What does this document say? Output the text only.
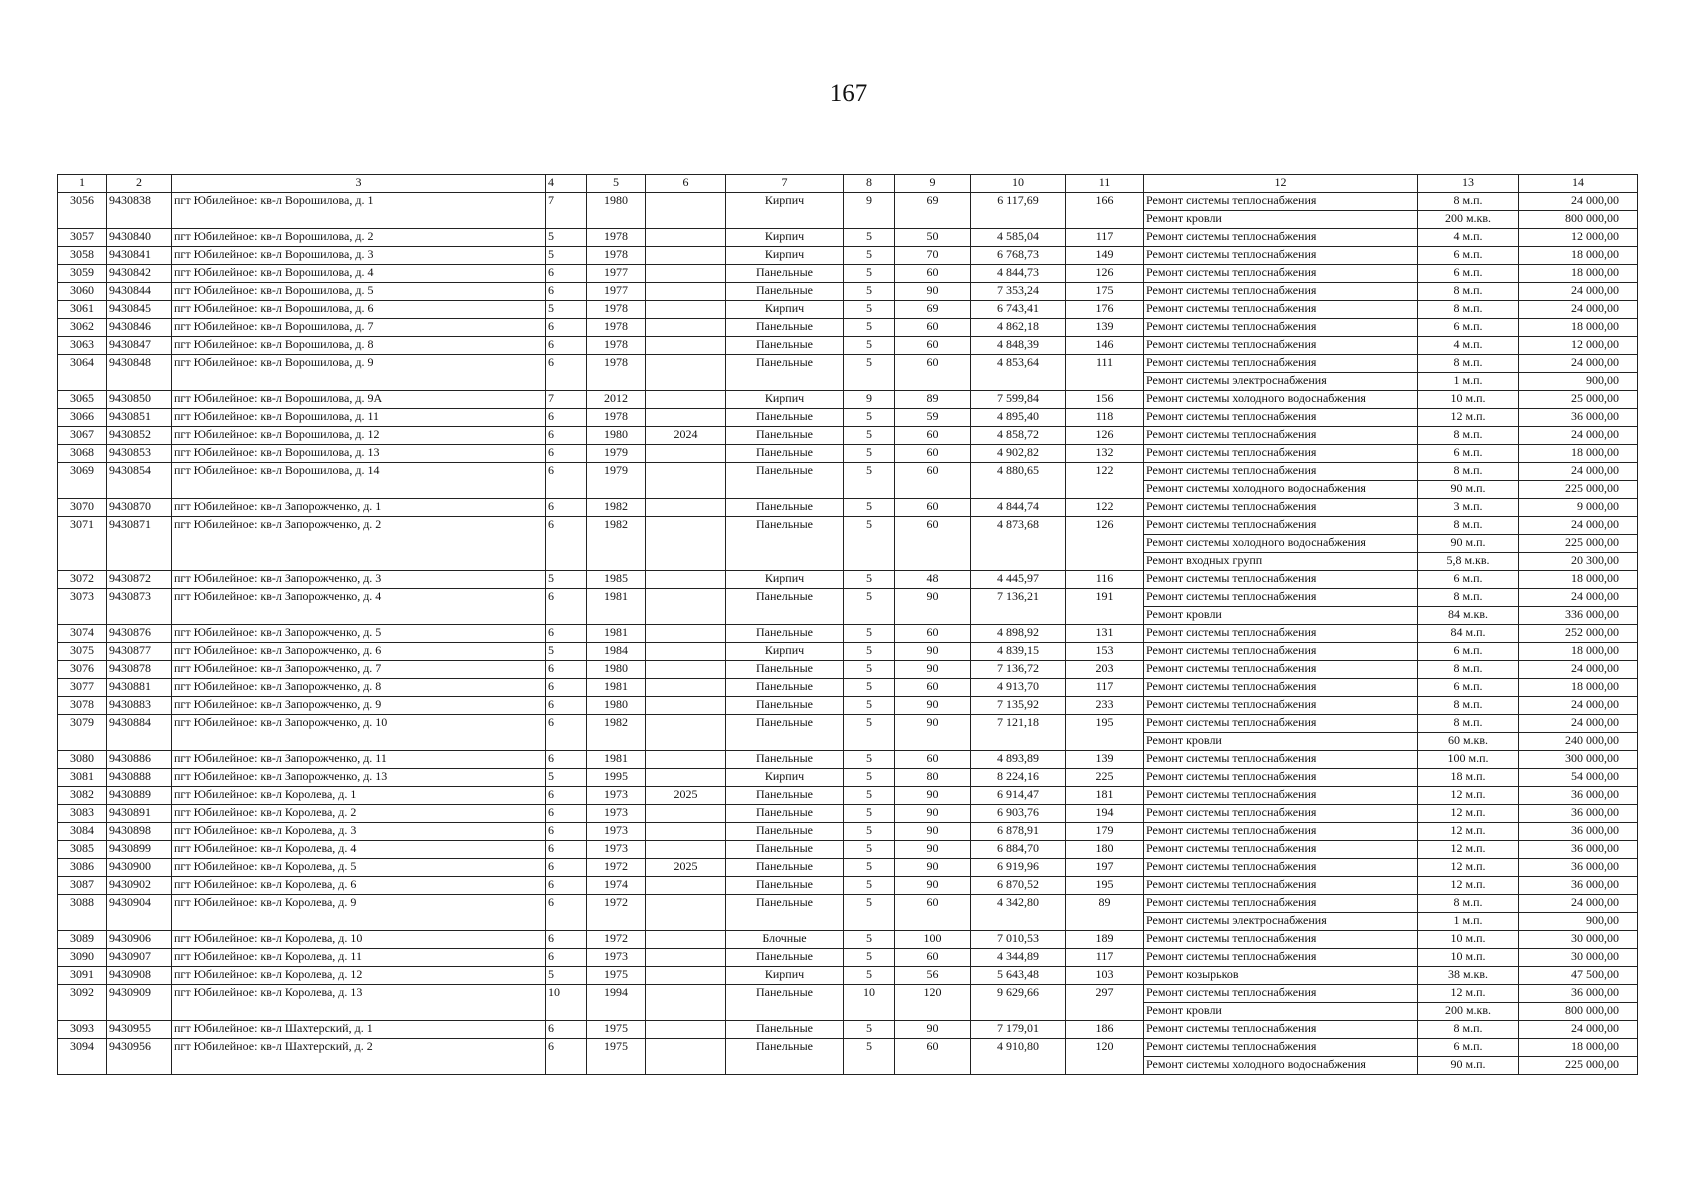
167
1	2	3	4	5	6	7	8	9	10	11	12	13	14
3056	9430838	пгт Юбилейное: кв-л Ворошилова, д. 1	7	1980		Кирпич	9	69	6 117,69	166	Ремонт системы теплоснабжения	8 м.п.	24 000,00
											Ремонт кровли	200 м.кв.	800 000,00
3057	9430840	пгт Юбилейное: кв-л Ворошилова, д. 2	5	1978		Кирпич	5	50	4 585,04	117	Ремонт системы теплоснабжения	4 м.п.	12 000,00
3058	9430841	пгт Юбилейное: кв-л Ворошилова, д. 3	5	1978		Кирпич	5	70	6 768,73	149	Ремонт системы теплоснабжения	6 м.п.	18 000,00
3059	9430842	пгт Юбилейное: кв-л Ворошилова, д. 4	6	1977		Панельные	5	60	4 844,73	126	Ремонт системы теплоснабжения	6 м.п.	18 000,00
3060	9430844	пгт Юбилейное: кв-л Ворошилова, д. 5	6	1977		Панельные	5	90	7 353,24	175	Ремонт системы теплоснабжения	8 м.п.	24 000,00
3061	9430845	пгт Юбилейное: кв-л Ворошилова, д. 6	5	1978		Кирпич	5	69	6 743,41	176	Ремонт системы теплоснабжения	8 м.п.	24 000,00
3062	9430846	пгт Юбилейное: кв-л Ворошилова, д. 7	6	1978		Панельные	5	60	4 862,18	139	Ремонт системы теплоснабжения	6 м.п.	18 000,00
3063	9430847	пгт Юбилейное: кв-л Ворошилова, д. 8	6	1978		Панельные	5	60	4 848,39	146	Ремонт системы теплоснабжения	4 м.п.	12 000,00
3064	9430848	пгт Юбилейное: кв-л Ворошилова, д. 9	6	1978		Панельные	5	60	4 853,64	111	Ремонт системы теплоснабжения	8 м.п.	24 000,00
											Ремонт системы электроснабжения	1 м.п.	900,00
3065	9430850	пгт Юбилейное: кв-л Ворошилова, д. 9А	7	2012		Кирпич	9	89	7 599,84	156	Ремонт системы холодного водоснабжения	10 м.п.	25 000,00
3066	9430851	пгт Юбилейное: кв-л Ворошилова, д. 11	6	1978		Панельные	5	59	4 895,40	118	Ремонт системы теплоснабжения	12 м.п.	36 000,00
3067	9430852	пгт Юбилейное: кв-л Ворошилова, д. 12	6	1980	2024	Панельные	5	60	4 858,72	126	Ремонт системы теплоснабжения	8 м.п.	24 000,00
3068	9430853	пгт Юбилейное: кв-л Ворошилова, д. 13	6	1979		Панельные	5	60	4 902,82	132	Ремонт системы теплоснабжения	6 м.п.	18 000,00
3069	9430854	пгт Юбилейное: кв-л Ворошилова, д. 14	6	1979		Панельные	5	60	4 880,65	122	Ремонт системы теплоснабжения	8 м.п.	24 000,00
											Ремонт системы холодного водоснабжения	90 м.п.	225 000,00
3070	9430870	пгт Юбилейное: кв-л Запорожченко, д. 1	6	1982		Панельные	5	60	4 844,74	122	Ремонт системы теплоснабжения	3 м.п.	9 000,00
3071	9430871	пгт Юбилейное: кв-л Запорожченко, д. 2	6	1982		Панельные	5	60	4 873,68	126	Ремонт системы теплоснабжения	8 м.п.	24 000,00
											Ремонт системы холодного водоснабжения	90 м.п.	225 000,00
											Ремонт входных групп	5,8 м.кв.	20 300,00
3072	9430872	пгт Юбилейное: кв-л Запорожченко, д. 3	5	1985		Кирпич	5	48	4 445,97	116	Ремонт системы теплоснабжения	6 м.п.	18 000,00
3073	9430873	пгт Юбилейное: кв-л Запорожченко, д. 4	6	1981		Панельные	5	90	7 136,21	191	Ремонт системы теплоснабжения	8 м.п.	24 000,00
											Ремонт кровли	84 м.кв.	336 000,00
3074	9430876	пгт Юбилейное: кв-л Запорожченко, д. 5	6	1981		Панельные	5	60	4 898,92	131	Ремонт системы теплоснабжения	84 м.п.	252 000,00
3075	9430877	пгт Юбилейное: кв-л Запорожченко, д. 6	5	1984		Кирпич	5	90	4 839,15	153	Ремонт системы теплоснабжения	6 м.п.	18 000,00
3076	9430878	пгт Юбилейное: кв-л Запорожченко, д. 7	6	1980		Панельные	5	90	7 136,72	203	Ремонт системы теплоснабжения	8 м.п.	24 000,00
3077	9430881	пгт Юбилейное: кв-л Запорожченко, д. 8	6	1981		Панельные	5	60	4 913,70	117	Ремонт системы теплоснабжения	6 м.п.	18 000,00
3078	9430883	пгт Юбилейное: кв-л Запорожченко, д. 9	6	1980		Панельные	5	90	7 135,92	233	Ремонт системы теплоснабжения	8 м.п.	24 000,00
3079	9430884	пгт Юбилейное: кв-л Запорожченко, д. 10	6	1982		Панельные	5	90	7 121,18	195	Ремонт системы теплоснабжения	8 м.п.	24 000,00
											Ремонт кровли	60 м.кв.	240 000,00
3080	9430886	пгт Юбилейное: кв-л Запорожченко, д. 11	6	1981		Панельные	5	60	4 893,89	139	Ремонт системы теплоснабжения	100 м.п.	300 000,00
3081	9430888	пгт Юбилейное: кв-л Запорожченко, д. 13	5	1995		Кирпич	5	80	8 224,16	225	Ремонт системы теплоснабжения	18 м.п.	54 000,00
3082	9430889	пгт Юбилейное: кв-л Королева, д. 1	6	1973	2025	Панельные	5	90	6 914,47	181	Ремонт системы теплоснабжения	12 м.п.	36 000,00
3083	9430891	пгт Юбилейное: кв-л Королева, д. 2	6	1973		Панельные	5	90	6 903,76	194	Ремонт системы теплоснабжения	12 м.п.	36 000,00
3084	9430898	пгт Юбилейное: кв-л Королева, д. 3	6	1973		Панельные	5	90	6 878,91	179	Ремонт системы теплоснабжения	12 м.п.	36 000,00
3085	9430899	пгт Юбилейное: кв-л Королева, д. 4	6	1973		Панельные	5	90	6 884,70	180	Ремонт системы теплоснабжения	12 м.п.	36 000,00
3086	9430900	пгт Юбилейное: кв-л Королева, д. 5	6	1972	2025	Панельные	5	90	6 919,96	197	Ремонт системы теплоснабжения	12 м.п.	36 000,00
3087	9430902	пгт Юбилейное: кв-л Королева, д. 6	6	1974		Панельные	5	90	6 870,52	195	Ремонт системы теплоснабжения	12 м.п.	36 000,00
3088	9430904	пгт Юбилейное: кв-л Королева, д. 9	6	1972		Панельные	5	60	4 342,80	89	Ремонт системы теплоснабжения	8 м.п.	24 000,00
											Ремонт системы электроснабжения	1 м.п.	900,00
3089	9430906	пгт Юбилейное: кв-л Королева, д. 10	6	1972		Блочные	5	100	7 010,53	189	Ремонт системы теплоснабжения	10 м.п.	30 000,00
3090	9430907	пгт Юбилейное: кв-л Королева, д. 11	6	1973		Панельные	5	60	4 344,89	117	Ремонт системы теплоснабжения	10 м.п.	30 000,00
3091	9430908	пгт Юбилейное: кв-л Королева, д. 12	5	1975		Кирпич	5	56	5 643,48	103	Ремонт козырьков	38 м.кв.	47 500,00
3092	9430909	пгт Юбилейное: кв-л Королева, д. 13	10	1994		Панельные	10	120	9 629,66	297	Ремонт системы теплоснабжения	12 м.п.	36 000,00
											Ремонт кровли	200 м.кв.	800 000,00
3093	9430955	пгт Юбилейное: кв-л Шахтерский, д. 1	6	1975		Панельные	5	90	7 179,01	186	Ремонт системы теплоснабжения	8 м.п.	24 000,00
3094	9430956	пгт Юбилейное: кв-л Шахтерский, д. 2	6	1975		Панельные	5	60	4 910,80	120	Ремонт системы теплоснабжения	6 м.п.	18 000,00
											Ремонт системы холодного водоснабжения	90 м.п.	225 000,00
